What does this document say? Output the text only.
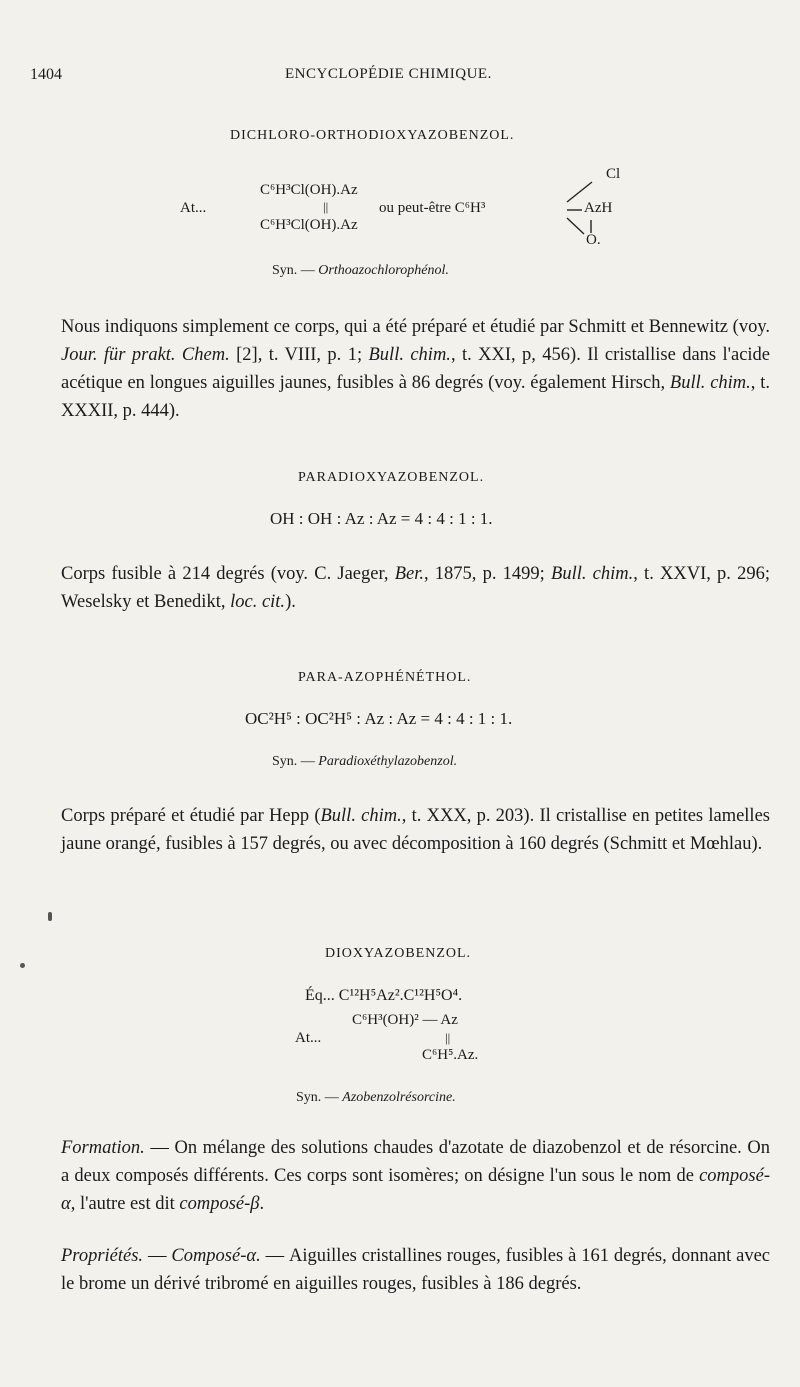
1404	ENCYCLOPÉDIE CHIMIQUE.
DICHLORO-ORTHODIOXYAZOBENZOL.
At...
C⁶H³Cl(OH).Az
||
C⁶H³Cl(OH).Az
ou peut-être C⁶H³
Cl
AzH
O.
Syn. — Orthoazochlorophénol.
Nous indiquons simplement ce corps, qui a été préparé et étudié par Schmitt et Bennewitz (voy. Jour. für prakt. Chem. [2], t. VIII, p. 1; Bull. chim., t. XXI, p, 456). Il cristallise dans l'acide acétique en longues aiguilles jaunes, fusibles à 86 degrés (voy. également Hirsch, Bull. chim., t. XXXII, p. 444).
PARADIOXYAZOBENZOL.
OH : OH : Az : Az = 4 : 4 : 1 : 1.
Corps fusible à 214 degrés (voy. C. Jaeger, Ber., 1875, p. 1499; Bull. chim., t. XXVI, p. 296; Weselsky et Benedikt, loc. cit.).
PARA-AZOPHÉNÉTHOL.
OC²H⁵ : OC²H⁵ : Az : Az = 4 : 4 : 1 : 1.
Syn. — Paradioxéthylazobenzol.
Corps préparé et étudié par Hepp (Bull. chim., t. XXX, p. 203). Il cristallise en petites lamelles jaune orangé, fusibles à 157 degrés, ou avec décomposition à 160 degrés (Schmitt et Mœhlau).
DIOXYAZOBENZOL.
Éq... C¹²H⁵Az².C¹²H⁵O⁴.
C⁶H³(OH)² — Az
At...	||
C⁶H⁵.Az.
Syn. — Azobenzolrésorcine.
Formation. — On mélange des solutions chaudes d'azotate de diazobenzol et de résorcine. On a deux composés différents. Ces corps sont isomères; on désigne l'un sous le nom de composé-α, l'autre est dit composé-β.
Propriétés. — Composé-α. — Aiguilles cristallines rouges, fusibles à 161 degrés, donnant avec le brome un dérivé tribromé en aiguilles rouges, fusibles à 186 degrés.
